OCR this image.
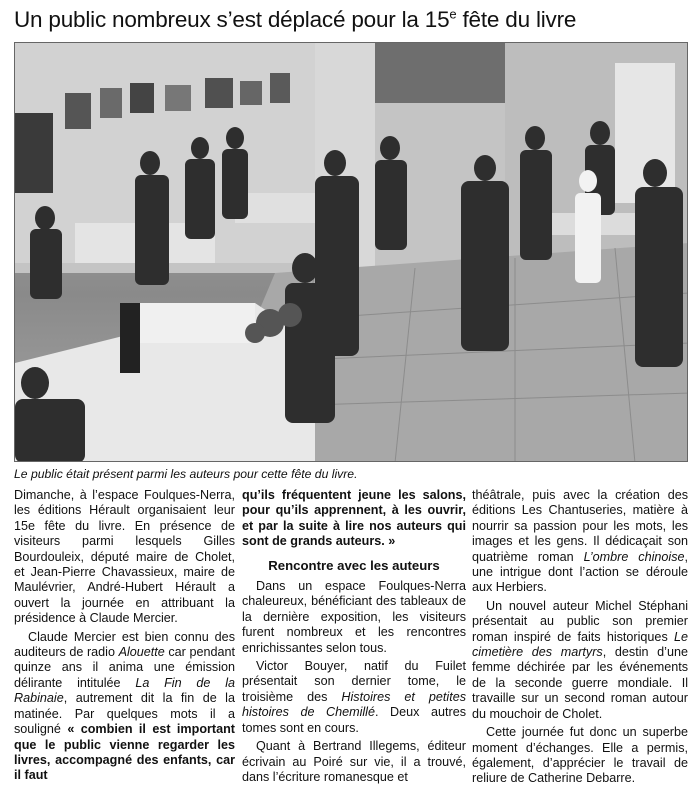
Un public nombreux s’est déplacé pour la 15e fête du livre
Le public était présent parmi les auteurs pour cette fête du livre.

Dimanche, à l’espace Foulques-Nerra, les éditions Hérault organisaient leur 15e fête du livre. En présence de visiteurs parmi lesquels Gilles Bourdouleix, député maire de Cholet, et Jean-Pierre Chavassieux, maire de Maulévrier, André-Hubert Hérault a ouvert la journée en attribuant la présidence à Claude Mercier.

Claude Mercier est bien connu des auditeurs de radio Alouette car pendant quinze ans il anima une émission délirante intitulée La Fin de la Rabinaie, autrement dit la fin de la matinée. Par quelques mots il a souligné « combien il est important que le public vienne regarder les livres, accompagné des enfants, car il faut

qu’ils fréquentent jeune les salons, pour qu’ils apprennent, à les ouvrir, et par la suite à lire nos auteurs qui sont de grands auteurs. »

Rencontre avec les auteurs

Dans un espace Foulques-Nerra chaleureux, bénéficiant des tableaux de la dernière exposition, les visiteurs furent nombreux et les rencontres enrichissantes selon tous.

Victor Bouyer, natif du Fuilet présentait son dernier tome, le troisième des Histoires et petites histoires de Chemillé. Deux autres tomes sont en cours.

Quant à Bertrand Illegems, éditeur écrivain au Poiré sur vie, il a trouvé, dans l’écriture romanesque et

théâtrale, puis avec la création des éditions Les Chantuseries, matière à nourrir sa passion pour les mots, les images et les gens. Il dédicaçait son quatrième roman L’ombre chinoise, une intrigue dont l’action se déroule aux Herbiers.

Un nouvel auteur Michel Stéphani présentait au public son premier roman inspiré de faits historiques Le cimetière des martyrs, destin d’une femme déchirée par les événements de la seconde guerre mondiale. Il travaille sur un second roman autour du mouchoir de Cholet.

Cette journée fut donc un superbe moment d’échanges. Elle a permis, également, d’apprécier le travail de reliure de Catherine Debarre.
